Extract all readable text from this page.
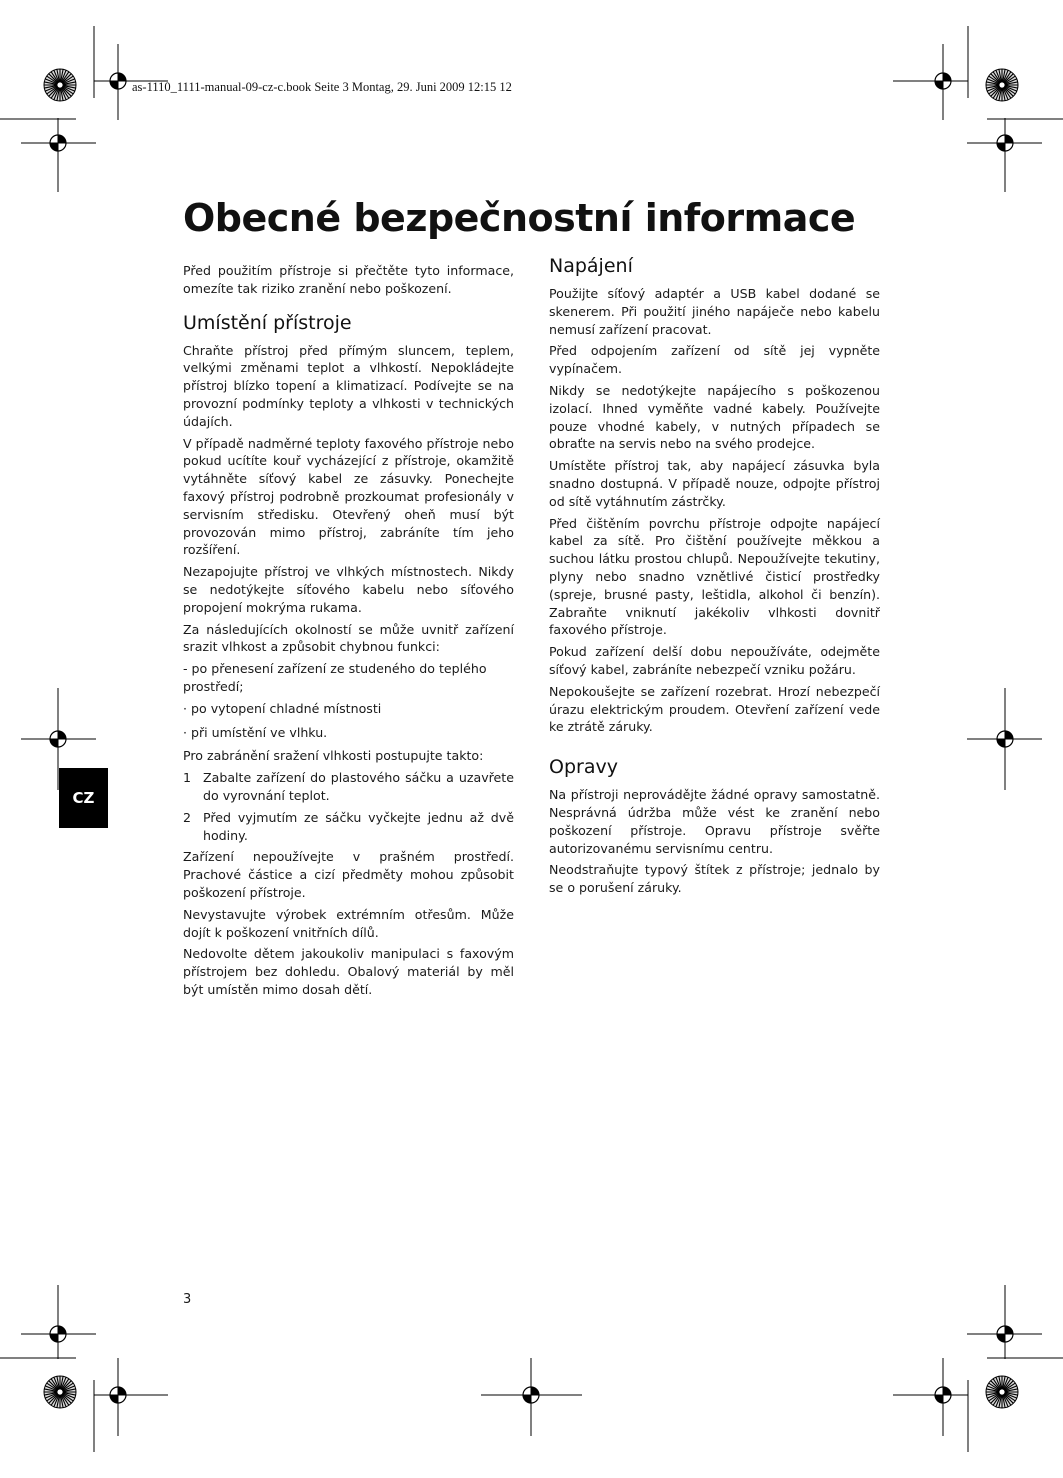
as-1110_1111-manual-09-cz-c.book Seite 3 Montag, 29. Juni 2009 12:15 12
Obecné bezpečnostní informace

Před použitím přístroje si přečtěte tyto informace, omezíte tak riziko zranění nebo poškození.

Umístění přístroje

Chraňte přístroj před přímým sluncem, teplem, velkými změnami teplot a vlhkostí. Nepokládejte přístroj blízko topení a klimatizací. Podívejte se na provozní podmínky teploty a vlhkosti v technických údajích.

V případě nadměrné teploty faxového přístroje nebo pokud ucítíte kouř vycházející z přístroje, okamžitě vytáhněte síťový kabel ze zásuvky. Ponechejte faxový přístroj podrobně prozkoumat profesionály v servisním středisku. Otevřený oheň musí být provozován mimo přístroj, zabráníte tím jeho rozšíření.

Nezapojujte přístroj ve vlhkých místnostech. Nikdy se nedotýkejte síťového kabelu nebo síťového propojení mokrýma rukama.

Za následujících okolností se může uvnitř zařízení srazit vlhkost a způsobit chybnou funkci:

- po přenesení zařízení ze studeného do teplého prostředí;

· po vytopení chladné místnosti

· při umístění ve vlhku.

Pro zabránění sražení vlhkosti postupujte takto:

1 Zabalte zařízení do plastového sáčku a uzavřete do vyrovnání teplot.
2 Před vyjmutím ze sáčku vyčkejte jednu až dvě hodiny.

Zařízení nepoužívejte v prašném prostředí. Prachové částice a cizí předměty mohou způsobit poškození přístroje.

Nevystavujte výrobek extrémním otřesům. Může dojít k poškození vnitřních dílů.

Nedovolte dětem jakoukoliv manipulaci s faxovým přístrojem bez dohledu. Obalový materiál by měl být umístěn mimo dosah dětí.

Napájení

Použijte síťový adaptér a USB kabel dodané se skenerem. Při použití jiného napáječe nebo kabelu nemusí zařízení pracovat.

Před odpojením zařízení od sítě jej vypněte vypínačem.

Nikdy se nedotýkejte napájecího s poškozenou izolací. Ihned vyměňte vadné kabely. Používejte pouze vhodné kabely, v nutných případech se obraťte na servis nebo na svého prodejce.

Umístěte přístroj tak, aby napájecí zásuvka byla snadno dostupná. V případě nouze, odpojte přístroj od sítě vytáhnutím zástrčky.

Před čištěním povrchu přístroje odpojte napájecí kabel za sítě. Pro čištění používejte měkkou a suchou látku prostou chlupů. Nepoužívejte tekutiny, plyny nebo snadno vznětlivé čisticí prostředky (spreje, brusné pasty, leštidla, alkohol či benzín). Zabraňte vniknutí jakékoliv vlhkosti dovnitř faxového přístroje.

Pokud zařízení delší dobu nepoužíváte, odejměte síťový kabel, zabráníte nebezpečí vzniku požáru.

Nepokoušejte se zařízení rozebrat. Hrozí nebezpečí úrazu elektrickým proudem. Otevření zařízení vede ke ztrátě záruky.

Opravy

Na přístroji neprovádějte žádné opravy samostatně. Nesprávná údržba může vést ke zranění nebo poškození přístroje. Opravu přístroje svěřte autorizovanému servisnímu centru.

Neodstraňujte typový štítek z přístroje; jednalo by se o porušení záruky.

CZ
3
